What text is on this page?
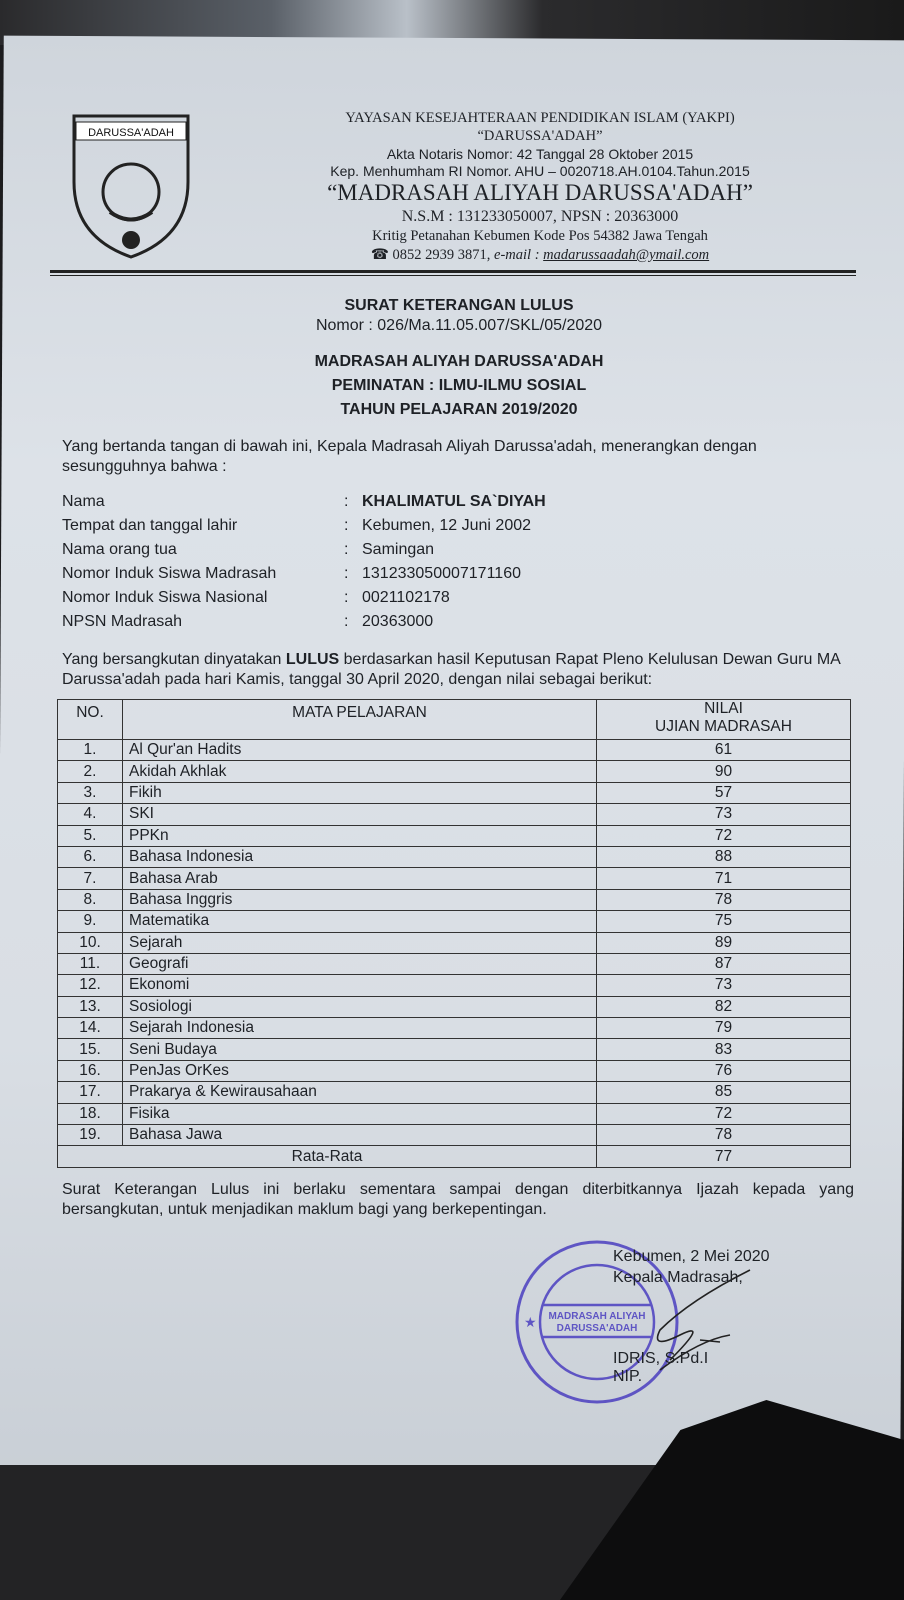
DARUSSA'ADAH
YAYASAN KESEJAHTERAAN PENDIDIKAN ISLAM (YAKPI)
“DARUSSA'ADAH”
Akta Notaris Nomor: 42 Tanggal 28 Oktober 2015
Kep. Menhumham RI Nomor. AHU – 0020718.AH.0104.Tahun.2015
“MADRASAH ALIYAH DARUSSA'ADAH”
N.S.M : 131233050007, NPSN : 20363000
Kritig Petanahan Kebumen Kode Pos 54382 Jawa Tengah
☎ 0852 2939 3871, e-mail : madarussaadah@ymail.com
SURAT KETERANGAN LULUS
Nomor : 026/Ma.11.05.007/SKL/05/2020
MADRASAH ALIYAH DARUSSA'ADAH
PEMINATAN : ILMU-ILMU SOSIAL
TAHUN PELAJARAN 2019/2020
Yang bertanda tangan di bawah ini, Kepala Madrasah Aliyah Darussa'adah, menerangkan dengan sesungguhnya bahwa :
Nama	: KHALIMATUL SA`DIYAH
Tempat dan tanggal lahir	: Kebumen, 12 Juni 2002
Nama orang tua	: Samingan
Nomor Induk Siswa Madrasah	: 131233050007171160
Nomor Induk Siswa Nasional	: 0021102178
NPSN Madrasah	: 20363000
Yang bersangkutan dinyatakan LULUS berdasarkan hasil Keputusan Rapat Pleno Kelulusan Dewan Guru MA Darussa'adah pada hari Kamis, tanggal 30 April 2020, dengan nilai sebagai berikut:
NO.	MATA PELAJARAN	NILAI
UJIAN MADRASAH
1.	Al Qur'an Hadits	61
2.	Akidah Akhlak	90
3.	Fikih	57
4.	SKI	73
5.	PPKn	72
6.	Bahasa Indonesia	88
7.	Bahasa Arab	71
8.	Bahasa Inggris	78
9.	Matematika	75
10.	Sejarah	89
11.	Geografi	87
12.	Ekonomi	73
13.	Sosiologi	82
14.	Sejarah Indonesia	79
15.	Seni Budaya	83
16.	PenJas OrKes	76
17.	Prakarya & Kewirausahaan	85
18.	Fisika	72
19.	Bahasa Jawa	78
Rata-Rata		77
Surat Keterangan Lulus ini berlaku sementara sampai dengan diterbitkannya Ijazah kepada yang bersangkutan, untuk menjadikan maklum bagi yang berkepentingan.
MADRASAH ALIYAH
DARUSSA'ADAH
★
Kebumen, 2 Mei 2020
Kepala Madrasah,
IDRIS, S.Pd.I
NIP.
